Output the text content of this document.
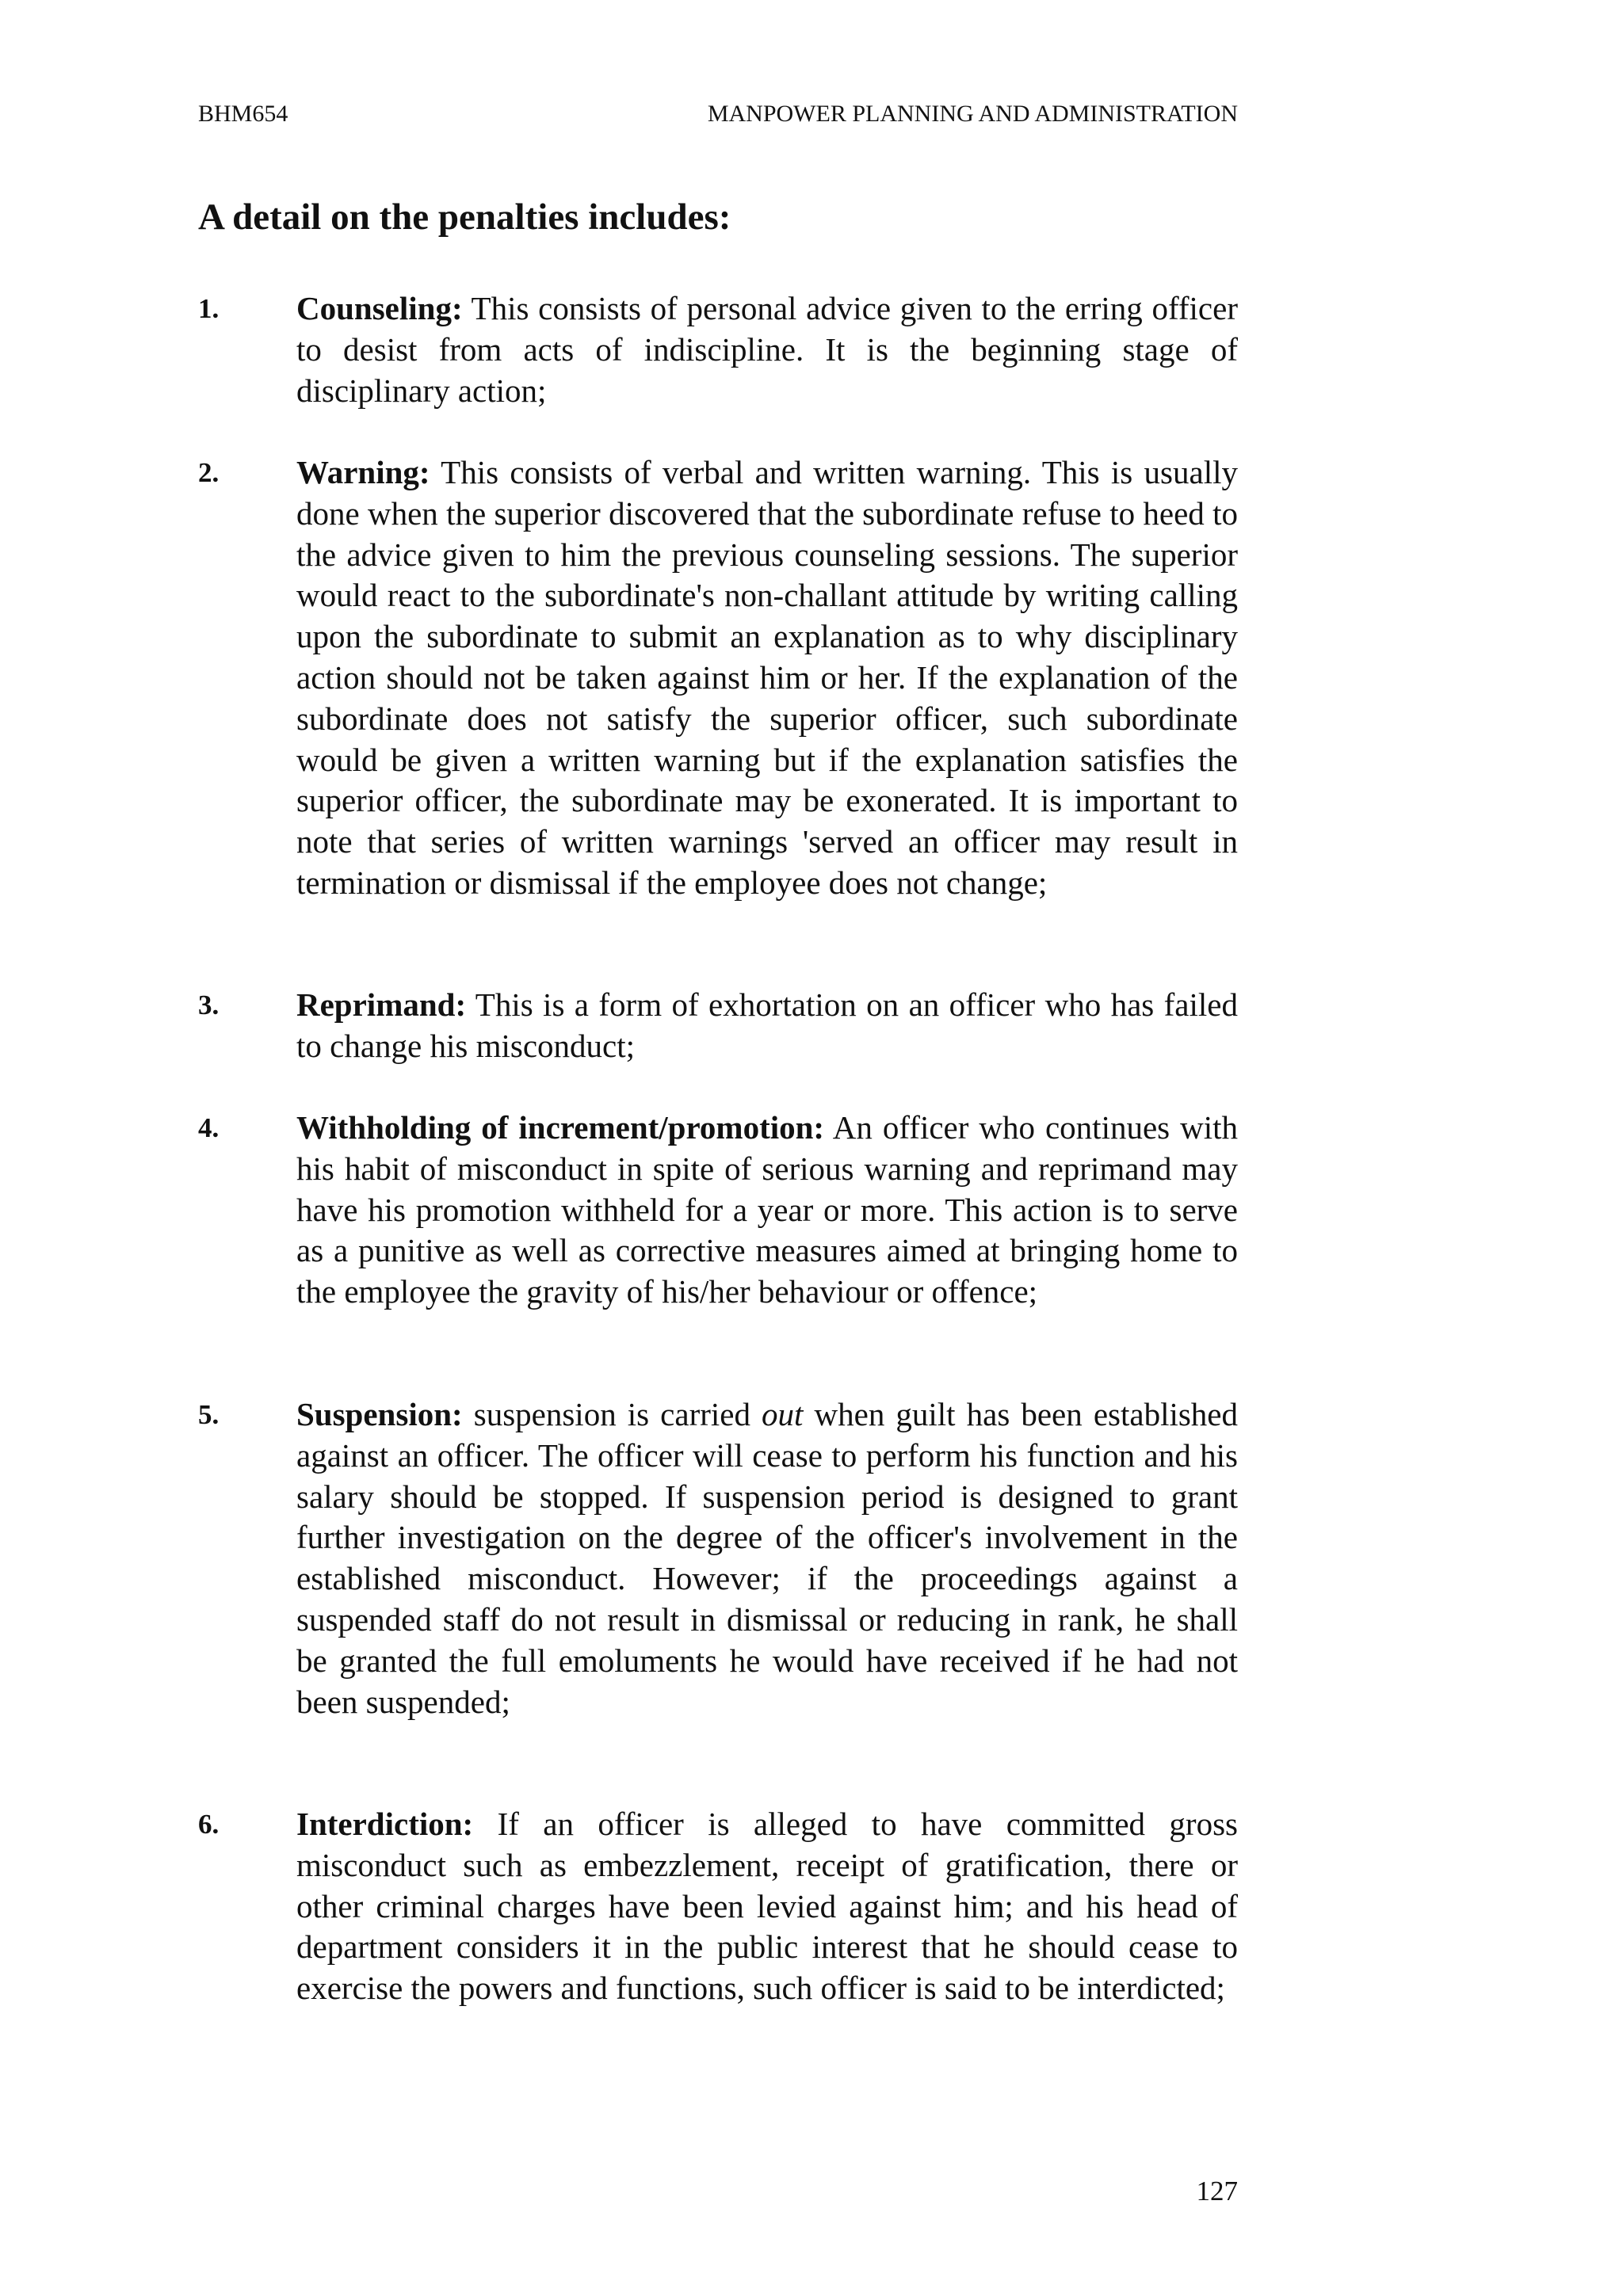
BHM654	MANPOWER PLANNING AND ADMINISTRATION
A detail on the penalties includes:
1. Counseling: This consists of personal advice given to the erring officer to desist from acts of indiscipline. It is the beginning stage of disciplinary action;
2. Warning: This consists of verbal and written warning. This is usually done when the superior discovered that the subordinate refuse to heed to the advice given to him the previous counseling sessions. The superior would react to the subordinate's non-challant attitude by writing calling upon the subordinate to submit an explanation as to why disciplinary action should not be taken against him or her. If the explanation of the subordinate does not satisfy the superior officer, such subordinate would be given a written warning but if the explanation satisfies the superior officer, the subordinate may be exonerated. It is important to note that series of written warnings 'served an officer may result in termination or dismissal if the employee does not change;
3. Reprimand: This is a form of exhortation on an officer who has failed to change his misconduct;
4. Withholding of increment/promotion: An officer who continues with his habit of misconduct in spite of serious warning and reprimand may have his promotion withheld for a year or more. This action is to serve as a punitive as well as corrective measures aimed at bringing home to the employee the gravity of his/her behaviour or offence;
5. Suspension: suspension is carried out when guilt has been established against an officer. The officer will cease to perform his function and his salary should be stopped. If suspension period is designed to grant further investigation on the degree of the officer's involvement in the established misconduct. However; if the proceedings against a suspended staff do not result in dismissal or reducing in rank, he shall be granted the full emoluments he would have received if he had not been suspended;
6. Interdiction: If an officer is alleged to have committed gross misconduct such as embezzlement, receipt of gratification, there or other criminal charges have been levied against him; and his head of department considers it in the public interest that he should cease to exercise the powers and functions, such officer is said to be interdicted;
127
